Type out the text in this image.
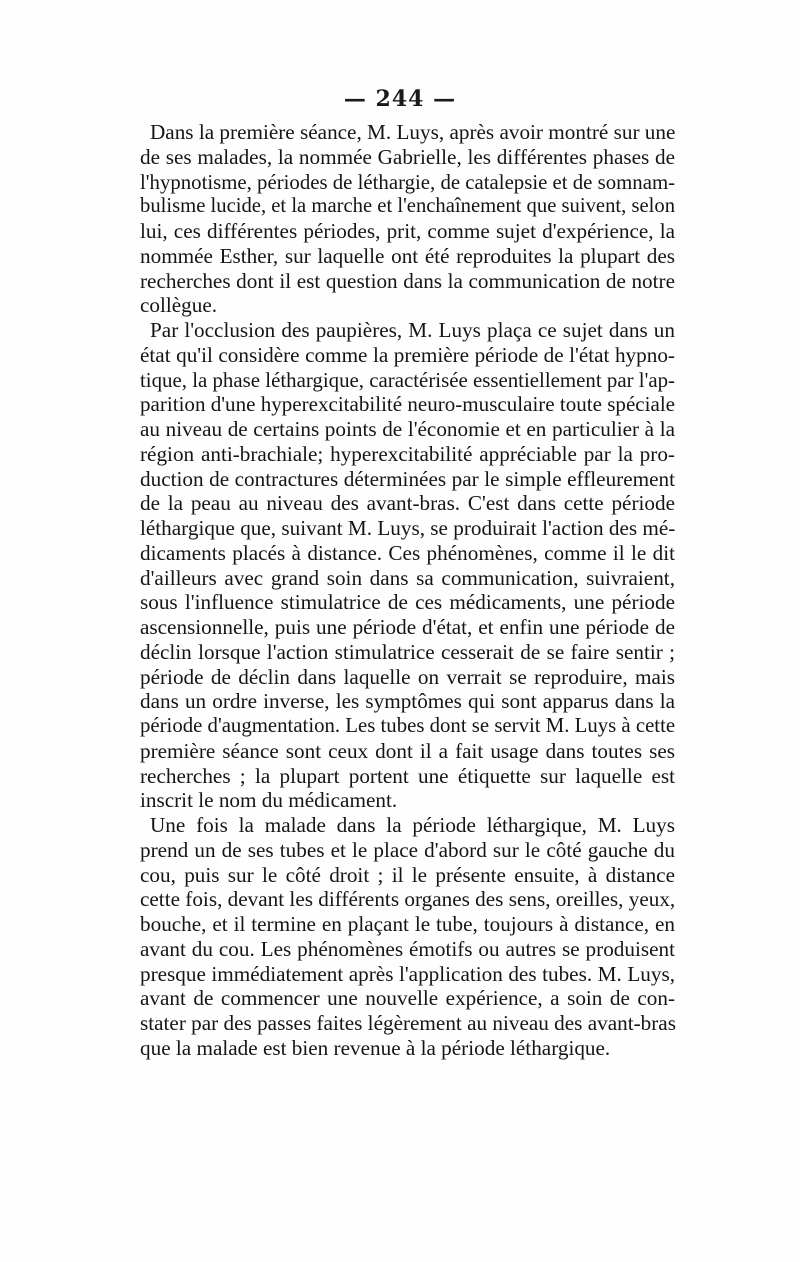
— 244 —
Dans la première séance, M. Luys, après avoir montré sur une
de ses malades, la nommée Gabrielle, les différentes phases de
l'hypnotisme, périodes de léthargie, de catalepsie et de somnam-
bulisme lucide, et la marche et l'enchaînement que suivent, selon
lui, ces différentes périodes, prit, comme sujet d'expérience, la
nommée Esther, sur laquelle ont été reproduites la plupart des
recherches dont il est question dans la communication de notre
collègue.
Par l'occlusion des paupières, M. Luys plaça ce sujet dans un
état qu'il considère comme la première période de l'état hypno-
tique, la phase léthargique, caractérisée essentiellement par l'ap-
parition d'une hyperexcitabilité neuro-musculaire toute spéciale
au niveau de certains points de l'économie et en particulier à la
région anti-brachiale; hyperexcitabilité appréciable par la pro-
duction de contractures déterminées par le simple effleurement
de la peau au niveau des avant-bras. C'est dans cette période
léthargique que, suivant M. Luys, se produirait l'action des mé-
dicaments placés à distance. Ces phénomènes, comme il le dit
d'ailleurs avec grand soin dans sa communication, suivraient,
sous l'influence stimulatrice de ces médicaments, une période
ascensionnelle, puis une période d'état, et enfin une période de
déclin lorsque l'action stimulatrice cesserait de se faire sentir ;
période de déclin dans laquelle on verrait se reproduire, mais
dans un ordre inverse, les symptômes qui sont apparus dans la
période d'augmentation. Les tubes dont se servit M. Luys à cette
première séance sont ceux dont il a fait usage dans toutes ses
recherches ; la plupart portent une étiquette sur laquelle est
inscrit le nom du médicament.
Une fois la malade dans la période léthargique, M. Luys
prend un de ses tubes et le place d'abord sur le côté gauche du
cou, puis sur le côté droit ; il le présente ensuite, à distance
cette fois, devant les différents organes des sens, oreilles, yeux,
bouche, et il termine en plaçant le tube, toujours à distance, en
avant du cou. Les phénomènes émotifs ou autres se produisent
presque immédiatement après l'application des tubes. M. Luys,
avant de commencer une nouvelle expérience, a soin de con-
stater par des passes faites légèrement au niveau des avant-bras
que la malade est bien revenue à la période léthargique.
